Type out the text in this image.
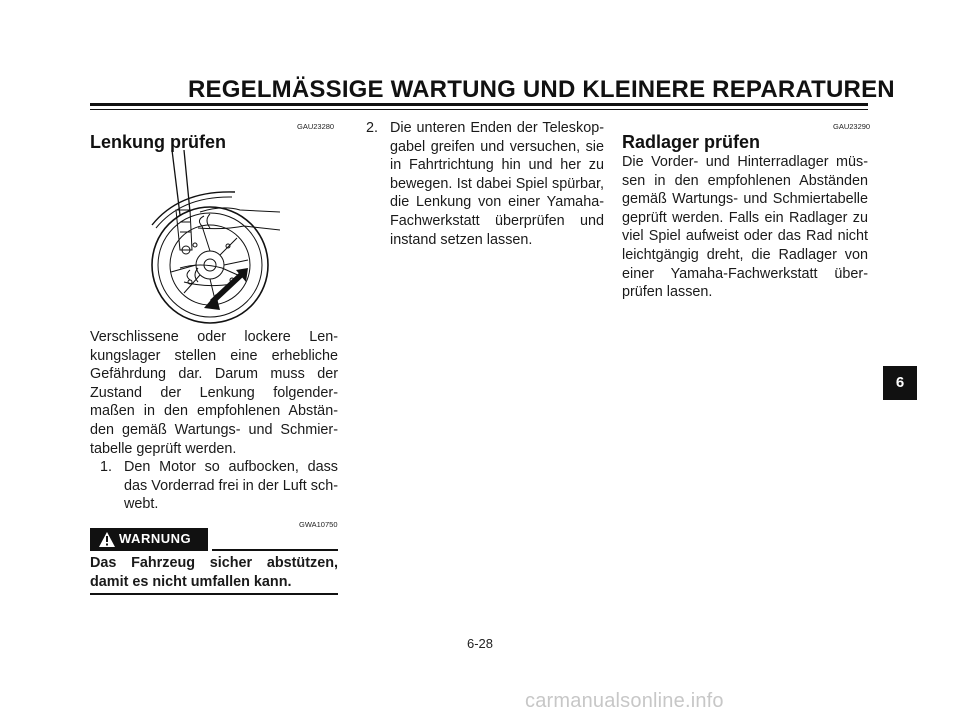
REGELMÄSSIGE WARTUNG UND KLEINERE REPARATUREN
GAU23280
Lenkung prüfen
Verschlissene oder lockere Len-kungslager stellen eine erhebliche Gefährdung dar. Darum muss der Zustand der Lenkung folgender-maßen in den empfohlenen Abstän-den gemäß Wartungs- und Schmier-tabelle geprüft werden.
1. Den Motor so aufbocken, dass das Vorderrad frei in der Luft sch-webt.
GWA10750
WARNUNG
Das Fahrzeug sicher abstützen, damit es nicht umfallen kann.
2. Die unteren Enden der Teleskop-gabel greifen und versuchen, sie in Fahrtrichtung hin und her zu bewegen. Ist dabei Spiel spürbar, die Lenkung von einer Yamaha-Fachwerkstatt überprüfen und instand setzen lassen.
GAU23290
Radlager prüfen
Die Vorder- und Hinterradlager müs-sen in den empfohlenen Abständen gemäß Wartungs- und Schmiertabelle geprüft werden. Falls ein Radlager zu viel Spiel aufweist oder das Rad nicht leichtgängig dreht, die Radlager von einer Yamaha-Fachwerkstatt über-prüfen lassen.
6
6-28
carmanualsonline.info
